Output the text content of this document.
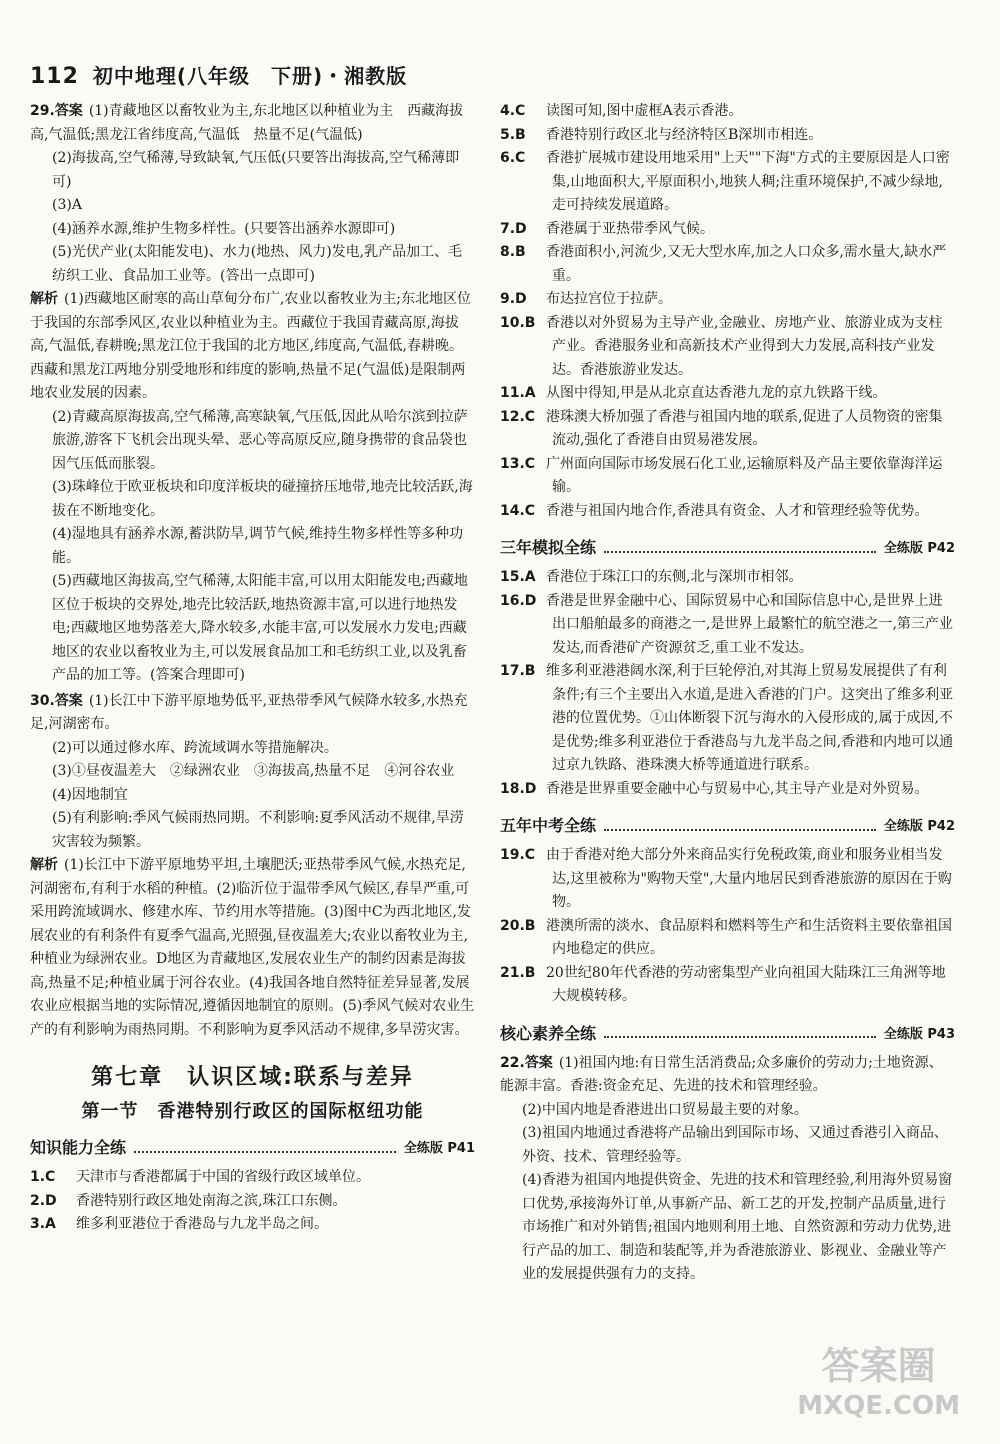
112 初中地理(八年级　下册)・湘教版

29.答案 (1)青藏地区以畜牧业为主,东北地区以种植业为主　西藏海拔高,气温低;黑龙江省纬度高,气温低　热量不足(气温低)

(2)海拔高,空气稀薄,导致缺氧,气压低(只要答出海拔高,空气稀薄即可)

(3)A

(4)涵养水源,维护生物多样性。(只要答出涵养水源即可)

(5)光伏产业(太阳能发电)、水力(地热、风力)发电,乳产品加工、毛纺织工业、食品加工业等。(答出一点即可)

解析 (1)西藏地区耐寒的高山草甸分布广,农业以畜牧业为主;东北地区位于我国的东部季风区,农业以种植业为主。西藏位于我国青藏高原,海拔高,气温低,春耕晚;黑龙江位于我国的北方地区,纬度高,气温低,春耕晚。西藏和黑龙江两地分别受地形和纬度的影响,热量不足(气温低)是限制两地农业发展的因素。

(2)青藏高原海拔高,空气稀薄,高寒缺氧,气压低,因此从哈尔滨到拉萨旅游,游客下飞机会出现头晕、恶心等高原反应,随身携带的食品袋也因气压低而胀裂。

(3)珠峰位于欧亚板块和印度洋板块的碰撞挤压地带,地壳比较活跃,海拔在不断地变化。

(4)湿地具有涵养水源,蓄洪防旱,调节气候,维持生物多样性等多种功能。

(5)西藏地区海拔高,空气稀薄,太阳能丰富,可以用太阳能发电;西藏地区位于板块的交界处,地壳比较活跃,地热资源丰富,可以进行地热发电;西藏地区地势落差大,降水较多,水能丰富,可以发展水力发电;西藏地区的农业以畜牧业为主,可以发展食品加工和毛纺织工业,以及乳畜产品的加工等。(答案合理即可)

30.答案 (1)长江中下游平原地势低平,亚热带季风气候降水较多,水热充足,河湖密布。

(2)可以通过修水库、跨流域调水等措施解决。

(3)①昼夜温差大　②绿洲农业　③海拔高,热量不足　④河谷农业

(4)因地制宜

(5)有利影响:季风气候雨热同期。不利影响:夏季风活动不规律,旱涝灾害较为频繁。

解析 (1)长江中下游平原地势平坦,土壤肥沃;亚热带季风气候,水热充足,河湖密布,有利于水稻的种植。(2)临沂位于温带季风气候区,春旱严重,可采用跨流域调水、修建水库、节约用水等措施。(3)图中C为西北地区,发展农业的有利条件有夏季气温高,光照强,昼夜温差大;农业以畜牧业为主,种植业为绿洲农业。D地区为青藏地区,发展农业生产的制约因素是海拔高,热量不足;种植业属于河谷农业。(4)我国各地自然特征差异显著,发展农业应根据当地的实际情况,遵循因地制宜的原则。(5)季风气候对农业生产的有利影响为雨热同期。不利影响为夏季风活动不规律,多旱涝灾害。

第七章　认识区域:联系与差异
第一节　香港特别行政区的国际枢纽功能
知识能力全练	全练版 P41

1.C 天津市与香港都属于中国的省级行政区域单位。

2.D 香港特别行政区地处南海之滨,珠江口东侧。

3.A 维多利亚港位于香港岛与九龙半岛之间。

4.C 读图可知,图中虚框A表示香港。

5.B 香港特别行政区北与经济特区B深圳市相连。

6.C 香港扩展城市建设用地采用"上天""下海"方式的主要原因是人口密集,山地面积大,平原面积小,地狭人稠;注重环境保护,不减少绿地,走可持续发展道路。

7.D 香港属于亚热带季风气候。

8.B 香港面积小,河流少,又无大型水库,加之人口众多,需水量大,缺水严重。

9.D 布达拉宫位于拉萨。

10.B 香港以对外贸易为主导产业,金融业、房地产业、旅游业成为支柱产业。香港服务业和高新技术产业得到大力发展,高科技产业发达。香港旅游业发达。

11.A 从图中得知,甲是从北京直达香港九龙的京九铁路干线。

12.C 港珠澳大桥加强了香港与祖国内地的联系,促进了人员物资的密集流动,强化了香港自由贸易港发展。

13.C 广州面向国际市场发展石化工业,运输原料及产品主要依靠海洋运输。

14.C 香港与祖国内地合作,香港具有资金、人才和管理经验等优势。

三年模拟全练	全练版 P42

15.A 香港位于珠江口的东侧,北与深圳市相邻。

16.D 香港是世界金融中心、国际贸易中心和国际信息中心,是世界上进出口船舶最多的商港之一,是世界上最繁忙的航空港之一,第三产业发达,而香港矿产资源贫乏,重工业不发达。

17.B 维多利亚港港阔水深,利于巨轮停泊,对其海上贸易发展提供了有利条件;有三个主要出入水道,是进入香港的门户。这突出了维多利亚港的位置优势。①山体断裂下沉与海水的入侵形成的,属于成因,不是优势;维多利亚港位于香港岛与九龙半岛之间,香港和内地可以通过京九铁路、港珠澳大桥等通道进行联系。

18.D 香港是世界重要金融中心与贸易中心,其主导产业是对外贸易。

五年中考全练	全练版 P42

19.C 由于香港对绝大部分外来商品实行免税政策,商业和服务业相当发达,这里被称为"购物天堂",大量内地居民到香港旅游的原因在于购物。

20.B 港澳所需的淡水、食品原料和燃料等生产和生活资料主要依靠祖国内地稳定的供应。

21.B 20世纪80年代香港的劳动密集型产业向祖国大陆珠江三角洲等地大规模转移。

核心素养全练	全练版 P43

22.答案 (1)祖国内地:有日常生活消费品;众多廉价的劳动力;土地资源、能源丰富。香港:资金充足、先进的技术和管理经验。

(2)中国内地是香港进出口贸易最主要的对象。

(3)祖国内地通过香港将产品输出到国际市场、又通过香港引入商品、外资、技术、管理经验等。

(4)香港为祖国内地提供资金、先进的技术和管理经验,利用海外贸易窗口优势,承接海外订单,从事新产品、新工艺的开发,控制产品质量,进行市场推广和对外销售;祖国内地则利用土地、自然资源和劳动力优势,进行产品的加工、制造和装配等,并为香港旅游业、影视业、金融业等产业的发展提供强有力的支持。

答案圈
MXQE.COM
